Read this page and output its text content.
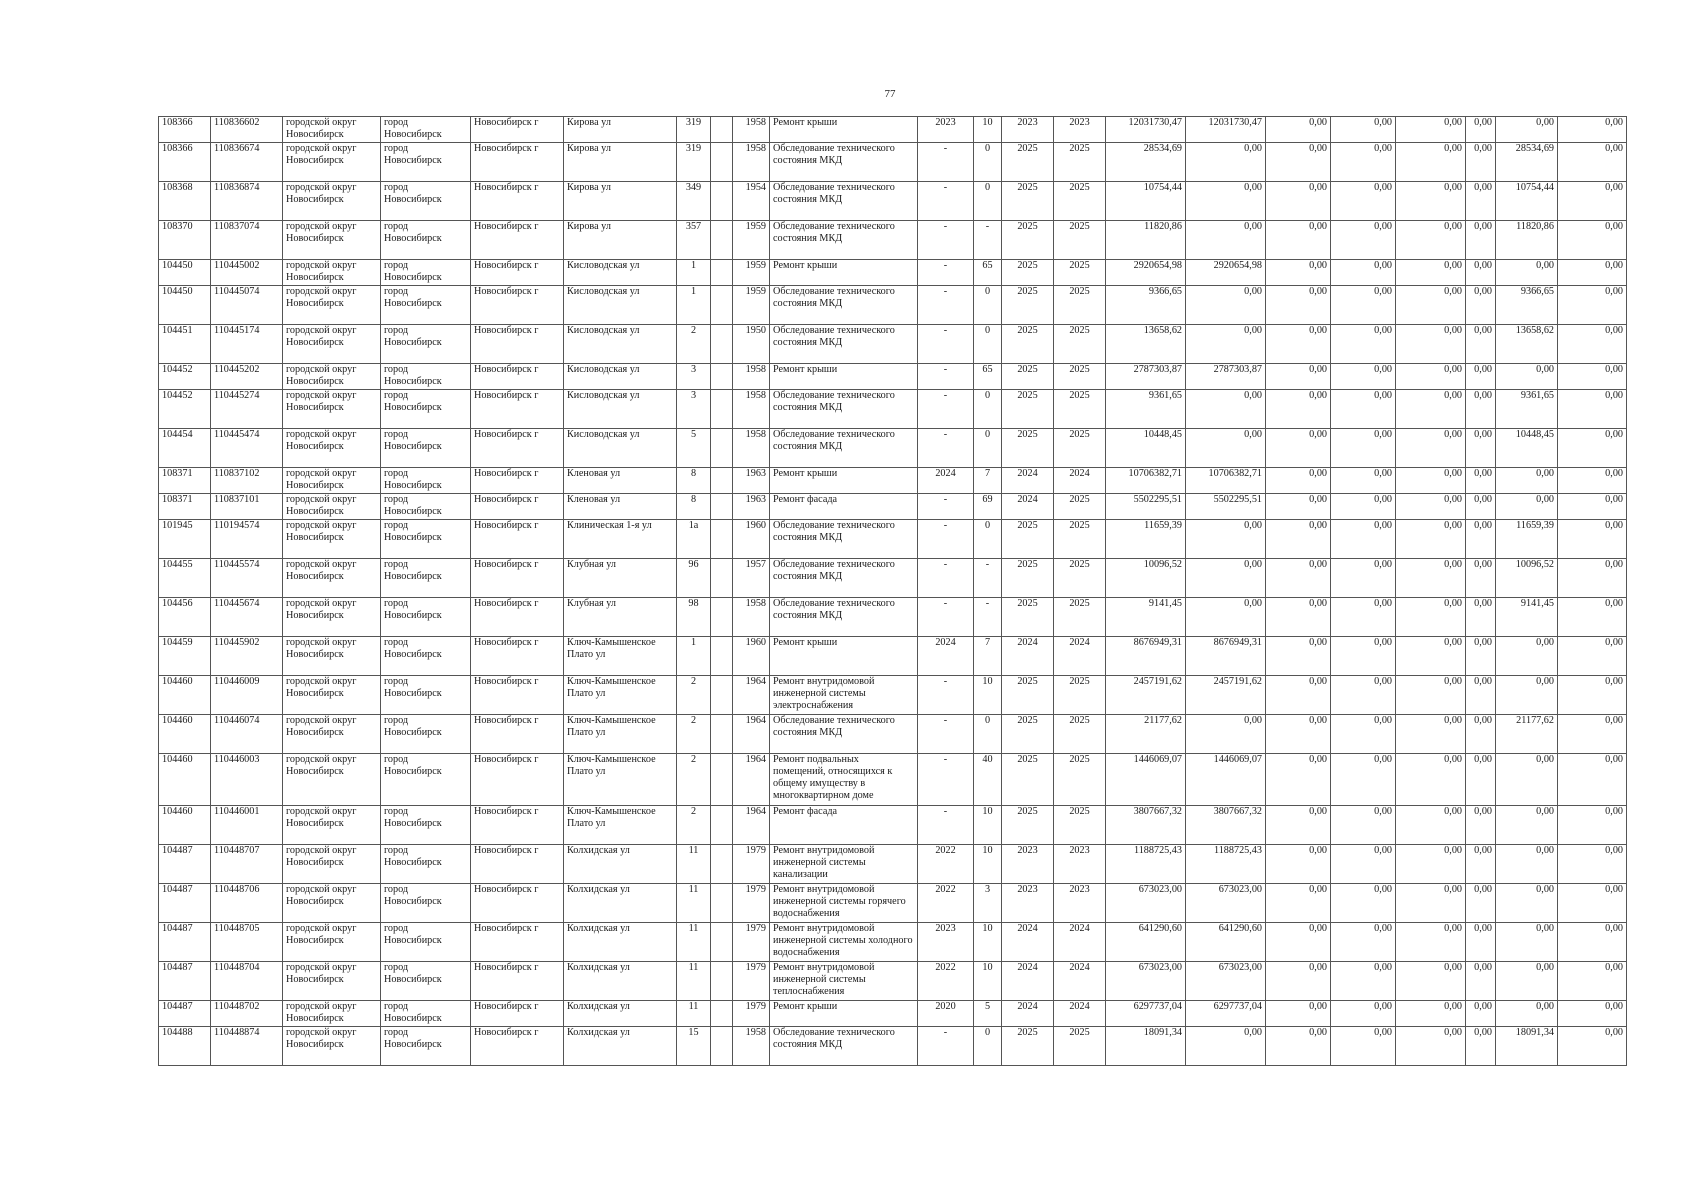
77
108366	110836602	городской округ Новосибирск	город Новосибирск	Новосибирск г	Кирова ул	319		1958	Ремонт крыши	2023	10	2023	2023	12031730,47	12031730,47	0,00	0,00	0,00	0,00	0,00	0,00
108366	110836674	городской округ Новосибирск	город Новосибирск	Новосибирск г	Кирова ул	319		1958	Обследование технического состояния МКД	-	0	2025	2025	28534,69	0,00	0,00	0,00	0,00	0,00	28534,69	0,00
108368	110836874	городской округ Новосибирск	город Новосибирск	Новосибирск г	Кирова ул	349		1954	Обследование технического состояния МКД	-	0	2025	2025	10754,44	0,00	0,00	0,00	0,00	0,00	10754,44	0,00
108370	110837074	городской округ Новосибирск	город Новосибирск	Новосибирск г	Кирова ул	357		1959	Обследование технического состояния МКД	-	-	2025	2025	11820,86	0,00	0,00	0,00	0,00	0,00	11820,86	0,00
104450	110445002	городской округ Новосибирск	город Новосибирск	Новосибирск г	Кисловодская ул	1		1959	Ремонт крыши	-	65	2025	2025	2920654,98	2920654,98	0,00	0,00	0,00	0,00	0,00	0,00
104450	110445074	городской округ Новосибирск	город Новосибирск	Новосибирск г	Кисловодская ул	1		1959	Обследование технического состояния МКД	-	0	2025	2025	9366,65	0,00	0,00	0,00	0,00	0,00	9366,65	0,00
104451	110445174	городской округ Новосибирск	город Новосибирск	Новосибирск г	Кисловодская ул	2		1950	Обследование технического состояния МКД	-	0	2025	2025	13658,62	0,00	0,00	0,00	0,00	0,00	13658,62	0,00
104452	110445202	городской округ Новосибирск	город Новосибирск	Новосибирск г	Кисловодская ул	3		1958	Ремонт крыши	-	65	2025	2025	2787303,87	2787303,87	0,00	0,00	0,00	0,00	0,00	0,00
104452	110445274	городской округ Новосибирск	город Новосибирск	Новосибирск г	Кисловодская ул	3		1958	Обследование технического состояния МКД	-	0	2025	2025	9361,65	0,00	0,00	0,00	0,00	0,00	9361,65	0,00
104454	110445474	городской округ Новосибирск	город Новосибирск	Новосибирск г	Кисловодская ул	5		1958	Обследование технического состояния МКД	-	0	2025	2025	10448,45	0,00	0,00	0,00	0,00	0,00	10448,45	0,00
108371	110837102	городской округ Новосибирск	город Новосибирск	Новосибирск г	Кленовая ул	8		1963	Ремонт крыши	2024	7	2024	2024	10706382,71	10706382,71	0,00	0,00	0,00	0,00	0,00	0,00
108371	110837101	городской округ Новосибирск	город Новосибирск	Новосибирск г	Кленовая ул	8		1963	Ремонт фасада	-	69	2024	2025	5502295,51	5502295,51	0,00	0,00	0,00	0,00	0,00	0,00
101945	110194574	городской округ Новосибирск	город Новосибирск	Новосибирск г	Клиническая 1-я ул	1а		1960	Обследование технического состояния МКД	-	0	2025	2025	11659,39	0,00	0,00	0,00	0,00	0,00	11659,39	0,00
104455	110445574	городской округ Новосибирск	город Новосибирск	Новосибирск г	Клубная ул	96		1957	Обследование технического состояния МКД	-	-	2025	2025	10096,52	0,00	0,00	0,00	0,00	0,00	10096,52	0,00
104456	110445674	городской округ Новосибирск	город Новосибирск	Новосибирск г	Клубная ул	98		1958	Обследование технического состояния МКД	-	-	2025	2025	9141,45	0,00	0,00	0,00	0,00	0,00	9141,45	0,00
104459	110445902	городской округ Новосибирск	город Новосибирск	Новосибирск г	Ключ-Камышенское Плато ул	1		1960	Ремонт крыши	2024	7	2024	2024	8676949,31	8676949,31	0,00	0,00	0,00	0,00	0,00	0,00
104460	110446009	городской округ Новосибирск	город Новосибирск	Новосибирск г	Ключ-Камышенское Плато ул	2		1964	Ремонт внутридомовой инженерной системы электроснабжения	-	10	2025	2025	2457191,62	2457191,62	0,00	0,00	0,00	0,00	0,00	0,00
104460	110446074	городской округ Новосибирск	город Новосибирск	Новосибирск г	Ключ-Камышенское Плато ул	2		1964	Обследование технического состояния МКД	-	0	2025	2025	21177,62	0,00	0,00	0,00	0,00	0,00	21177,62	0,00
104460	110446003	городской округ Новосибирск	город Новосибирск	Новосибирск г	Ключ-Камышенское Плато ул	2		1964	Ремонт подвальных помещений, относящихся к общему имуществу в многоквартирном доме	-	40	2025	2025	1446069,07	1446069,07	0,00	0,00	0,00	0,00	0,00	0,00
104460	110446001	городской округ Новосибирск	город Новосибирск	Новосибирск г	Ключ-Камышенское Плато ул	2		1964	Ремонт фасада	-	10	2025	2025	3807667,32	3807667,32	0,00	0,00	0,00	0,00	0,00	0,00
104487	110448707	городской округ Новосибирск	город Новосибирск	Новосибирск г	Колхидская ул	11		1979	Ремонт внутридомовой инженерной системы канализации	2022	10	2023	2023	1188725,43	1188725,43	0,00	0,00	0,00	0,00	0,00	0,00
104487	110448706	городской округ Новосибирск	город Новосибирск	Новосибирск г	Колхидская ул	11		1979	Ремонт внутридомовой инженерной системы горячего водоснабжения	2022	3	2023	2023	673023,00	673023,00	0,00	0,00	0,00	0,00	0,00	0,00
104487	110448705	городской округ Новосибирск	город Новосибирск	Новосибирск г	Колхидская ул	11		1979	Ремонт внутридомовой инженерной системы холодного водоснабжения	2023	10	2024	2024	641290,60	641290,60	0,00	0,00	0,00	0,00	0,00	0,00
104487	110448704	городской округ Новосибирск	город Новосибирск	Новосибирск г	Колхидская ул	11		1979	Ремонт внутридомовой инженерной системы теплоснабжения	2022	10	2024	2024	673023,00	673023,00	0,00	0,00	0,00	0,00	0,00	0,00
104487	110448702	городской округ Новосибирск	город Новосибирск	Новосибирск г	Колхидская ул	11		1979	Ремонт крыши	2020	5	2024	2024	6297737,04	6297737,04	0,00	0,00	0,00	0,00	0,00	0,00
104488	110448874	городской округ Новосибирск	город Новосибирск	Новосибирск г	Колхидская ул	15		1958	Обследование технического состояния МКД	-	0	2025	2025	18091,34	0,00	0,00	0,00	0,00	0,00	18091,34	0,00
